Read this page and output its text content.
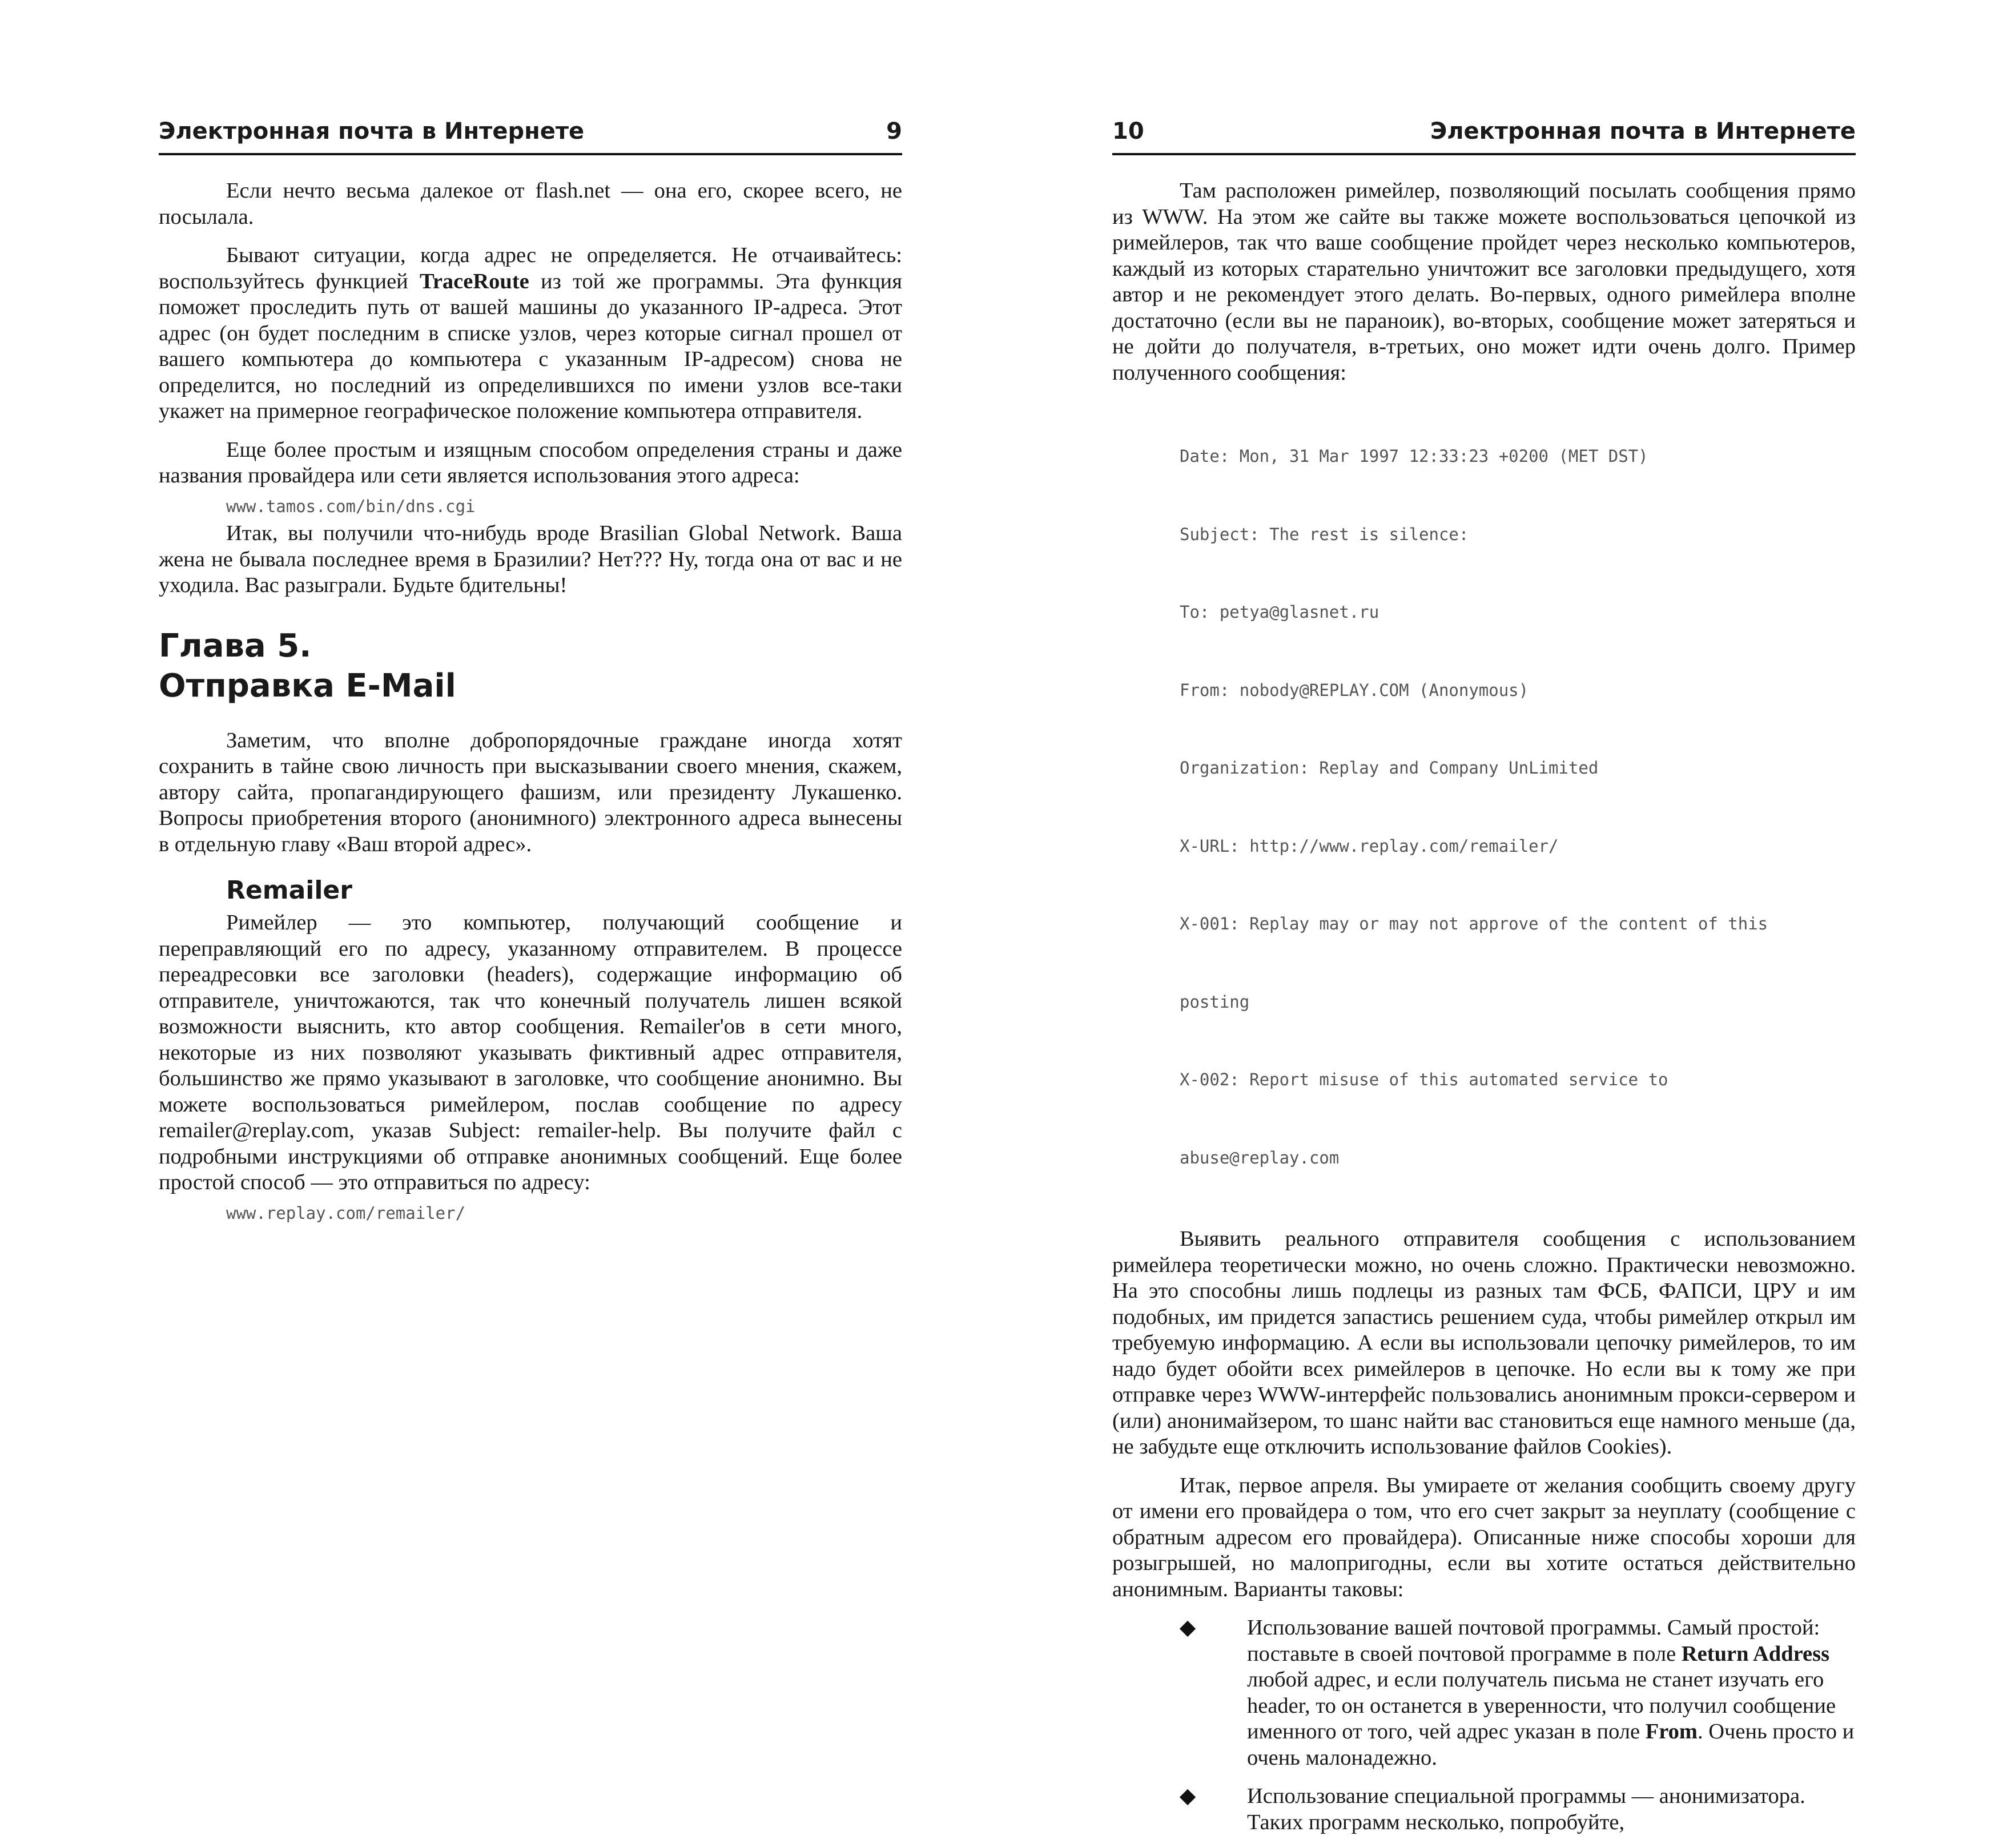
Электронная почта в Интернете	9

Если нечто весьма далекое от flash.net — она его, скорее всего, не посылала.

Бывают ситуации, когда адрес не определяется. Не отчаивайтесь: воспользуйтесь функцией TraceRoute из той же программы. Эта функция поможет проследить путь от вашей машины до указанного IP-адреса. Этот адрес (он будет последним в списке узлов, через которые сигнал прошел от вашего компьютера до компьютера с указанным IP-адресом) снова не определится, но последний из определившихся по имени узлов все-таки укажет на примерное географическое положение компьютера отправителя.

Еще более простым и изящным способом определения страны и даже названия провайдера или сети является использования этого адреса:

www.tamos.com/bin/dns.cgi

Итак, вы получили что-нибудь вроде Brasilian Global Network. Ваша жена не бывала последнее время в Бразилии? Нет??? Ну, тогда она от вас и не уходила. Вас разыграли. Будьте бдительны!

Глава 5.
Отправка E-Mail

Заметим, что вполне добропорядочные граждане иногда хотят сохранить в тайне свою личность при высказывании своего мнения, скажем, автору сайта, пропагандирующего фашизм, или президенту Лукашенко. Вопросы приобретения второго (анонимного) электронного адреса вынесены в отдельную главу «Ваш второй адрес».

Remailer

Римейлер — это компьютер, получающий сообщение и переправляющий его по адресу, указанному отправителем. В процессе переадресовки все заголовки (headers), содержащие информацию об отправителе, уничтожаются, так что конечный получатель лишен всякой возможности выяснить, кто автор сообщения. Remailer'ов в сети много, некоторые из них позволяют указывать фиктивный адрес отправителя, большинство же прямо указывают в заголовке, что сообщение анонимно. Вы можете воспользоваться римейлером, послав сообщение по адресу remailer@replay.com, указав Subject: remailer-help. Вы получите файл с подробными инструкциями об отправке анонимных сообщений. Еще более простой способ — это отправиться по адресу:

www.replay.com/remailer/
10	Электронная почта в Интернете

Там расположен римейлер, позволяющий посылать сообщения прямо из WWW. На этом же сайте вы также можете воспользоваться цепочкой из римейлеров, так что ваше сообщение пройдет через несколько компьютеров, каждый из которых старательно уничтожит все заголовки предыдущего, хотя автор и не рекомендует этого делать. Во-первых, одного римейлера вполне достаточно (если вы не параноик), во-вторых, сообщение может затеряться и не дойти до получателя, в-третьих, оно может идти очень долго. Пример полученного сообщения:

Date: Mon, 31 Mar 1997 12:33:23 +0200 (MET DST)

Subject: The rest is silence:

To: petya@glasnet.ru

From: nobody@REPLAY.COM (Anonymous)

Organization: Replay and Company UnLimited

X-URL: http://www.replay.com/remailer/

X-001: Replay may or may not approve of the content of this

posting

X-002: Report misuse of this automated service to

abuse@replay.com

Выявить реального отправителя сообщения с использованием римейлера теоретически можно, но очень сложно. Практически невозможно. На это способны лишь подлецы из разных там ФСБ, ФАПСИ, ЦРУ и им подобных, им придется запастись решением суда, чтобы римейлер открыл им требуемую информацию. А если вы использовали цепочку римейлеров, то им надо будет обойти всех римейлеров в цепочке. Но если вы к тому же при отправке через WWW-интерфейс пользовались анонимным прокси-сервером и (или) анонимайзером, то шанс найти вас становиться еще намного меньше (да, не забудьте еще отключить использование файлов Cookies).

Итак, первое апреля. Вы умираете от желания сообщить своему другу от имени его провайдера о том, что его счет закрыт за неуплату (сообщение с обратным адресом его провайдера). Описанные ниже способы хороши для розыгрышей, но малопригодны, если вы хотите остаться действительно анонимным. Варианты таковы:

Использование вашей почтовой программы. Самый простой: поставьте в своей почтовой программе в поле Return Address любой адрес, и если получатель письма не станет изучать его header, то он останется в уверенности, что получил сообщение именного от того, чей адрес указан в поле From. Очень просто и очень малонадежно.
Использование специальной программы — анонимизатора. Таких программ несколько, попробуйте,
